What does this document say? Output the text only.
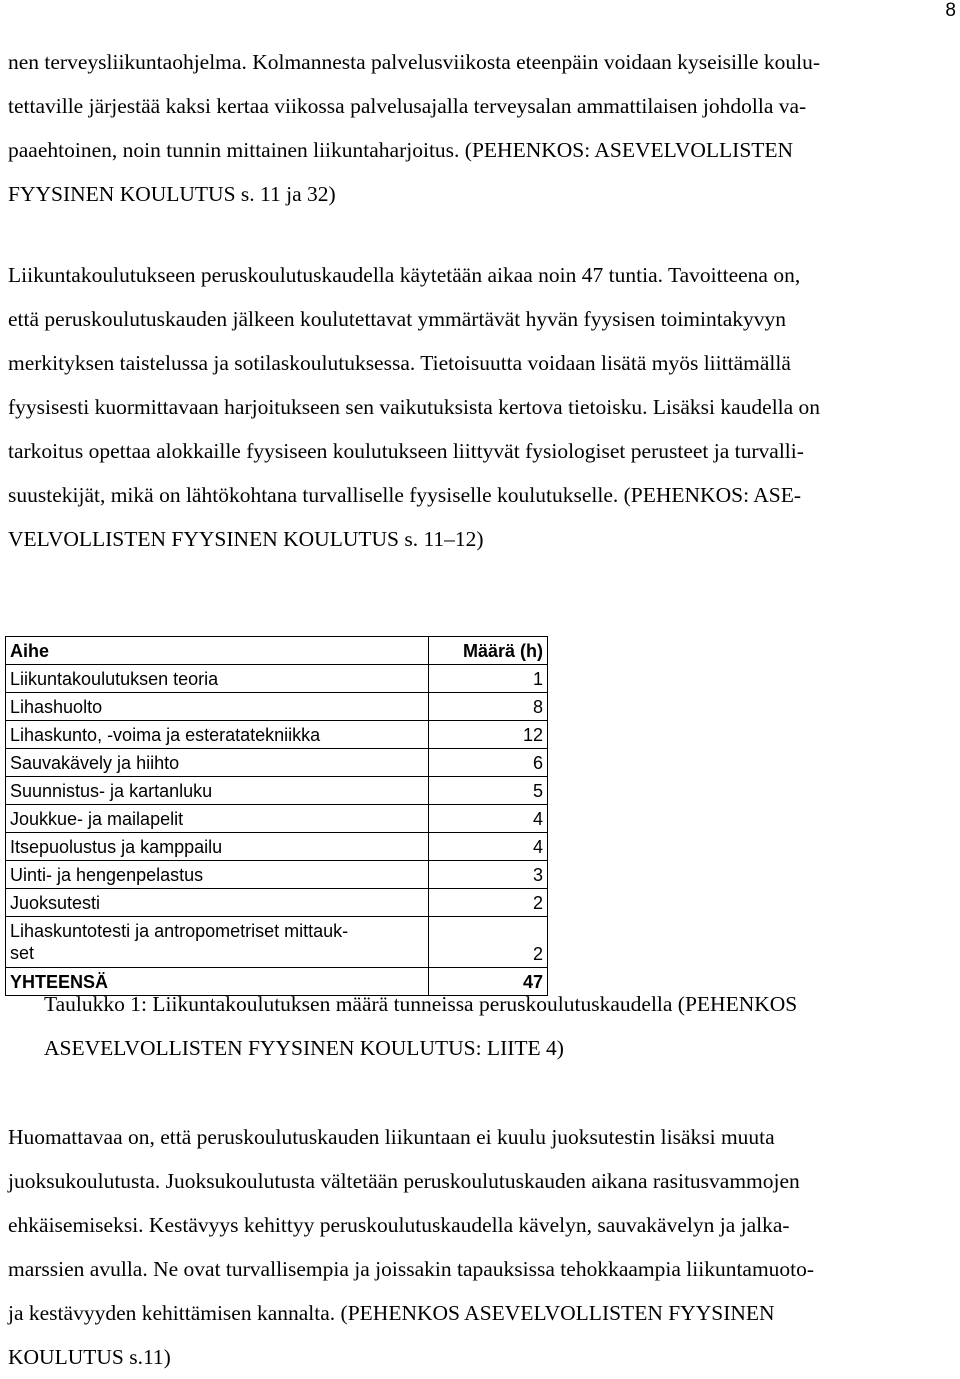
8
nen terveysliikuntaohjelma. Kolmannesta palvelusviikosta eteenpäin voidaan kyseisille koulu-
tettaville järjestää kaksi kertaa viikossa palvelusajalla terveysalan ammattilaisen johdolla va-
paaehtoinen, noin tunnin mittainen liikuntaharjoitus. (PEHENKOS: ASEVELVOLLISTEN
FYYSINEN KOULUTUS s. 11 ja 32)
Liikuntakoulutukseen peruskoulutuskaudella käytetään aikaa noin 47 tuntia. Tavoitteena on,
että peruskoulutuskauden jälkeen koulutettavat ymmärtävät hyvän fyysisen toimintakyvyn
merkityksen taistelussa ja sotilaskoulutuksessa. Tietoisuutta voidaan lisätä myös liittämällä
fyysisesti kuormittavaan harjoitukseen sen vaikutuksista kertova tietoisku. Lisäksi kaudella on
tarkoitus opettaa alokkaille fyysiseen koulutukseen liittyvät fysiologiset perusteet ja turvalli-
suustekijät, mikä on lähtökohtana turvalliselle fyysiselle koulutukselle. (PEHENKOS: ASE-
VELVOLLISTEN FYYSINEN KOULUTUS s. 11–12)
Aihe	Määrä (h)
Liikuntakoulutuksen teoria	1
Lihashuolto	8
Lihaskunto, -voima ja esteratatekniikka	12
Sauvakävely ja hiihto	6
Suunnistus- ja kartanluku	5
Joukkue- ja mailapelit	4
Itsepuolustus ja kamppailu	4
Uinti- ja hengenpelastus	3
Juoksutesti	2
Lihaskuntotesti ja antropometriset mittauk-
set	2
YHTEENSÄ	47
Taulukko 1: Liikuntakoulutuksen määrä tunneissa peruskoulutuskaudella (PEHENKOS
ASEVELVOLLISTEN FYYSINEN KOULUTUS: LIITE 4)
Huomattavaa on, että peruskoulutuskauden liikuntaan ei kuulu juoksutestin lisäksi muuta
juoksukoulutusta. Juoksukoulutusta vältetään peruskoulutuskauden aikana rasitusvammojen
ehkäisemiseksi. Kestävyys kehittyy peruskoulutuskaudella kävelyn, sauvakävelyn ja jalka-
marssien avulla. Ne ovat turvallisempia ja joissakin tapauksissa tehokkaampia liikuntamuoto-
ja kestävyyden kehittämisen kannalta. (PEHENKOS ASEVELVOLLISTEN FYYSINEN
KOULUTUS s.11)
